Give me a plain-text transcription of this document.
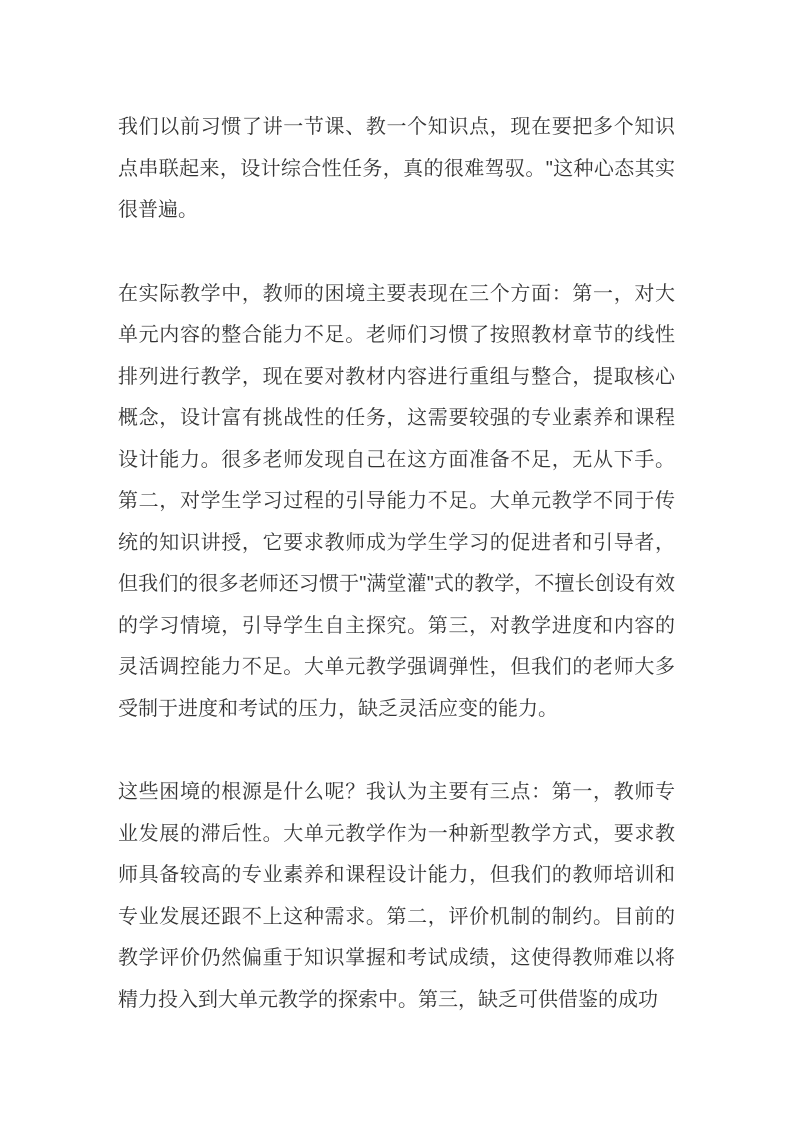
我们以前习惯了讲一节课、教一个知识点，现在要把多个知识点串联起来，设计综合性任务，真的很难驾驭。"这种心态其实很普遍。

在实际教学中，教师的困境主要表现在三个方面：第一，对大单元内容的整合能力不足。老师们习惯了按照教材章节的线性排列进行教学，现在要对教材内容进行重组与整合，提取核心概念，设计富有挑战性的任务，这需要较强的专业素养和课程设计能力。很多老师发现自己在这方面准备不足，无从下手。第二，对学生学习过程的引导能力不足。大单元教学不同于传统的知识讲授，它要求教师成为学生学习的促进者和引导者，但我们的很多老师还习惯于"满堂灌"式的教学，不擅长创设有效的学习情境，引导学生自主探究。第三，对教学进度和内容的灵活调控能力不足。大单元教学强调弹性，但我们的老师大多受制于进度和考试的压力，缺乏灵活应变的能力。

这些困境的根源是什么呢？我认为主要有三点：第一，教师专业发展的滞后性。大单元教学作为一种新型教学方式，要求教师具备较高的专业素养和课程设计能力，但我们的教师培训和专业发展还跟不上这种需求。第二，评价机制的制约。目前的教学评价仍然偏重于知识掌握和考试成绩，这使得教师难以将精力投入到大单元教学的探索中。第三，缺乏可供借鉴的成功
